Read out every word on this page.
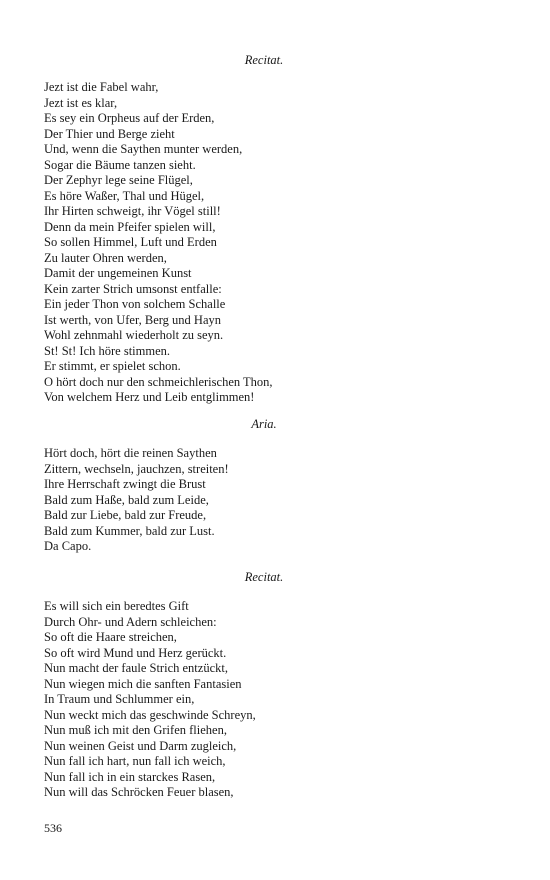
Recitat.
Jezt ist die Fabel wahr,
Jezt ist es klar,
Es sey ein Orpheus auf der Erden,
Der Thier und Berge zieht
Und, wenn die Saythen munter werden,
Sogar die Bäume tanzen sieht.
Der Zephyr lege seine Flügel,
Es höre Waßer, Thal und Hügel,
Ihr Hirten schweigt, ihr Vögel still!
Denn da mein Pfeifer spielen will,
So sollen Himmel, Luft und Erden
Zu lauter Ohren werden,
Damit der ungemeinen Kunst
Kein zarter Strich umsonst entfalle:
Ein jeder Thon von solchem Schalle
Ist werth, von Ufer, Berg und Hayn
Wohl zehnmahl wiederholt zu seyn.
St! St! Ich höre stimmen.
Er stimmt, er spielet schon.
O hört doch nur den schmeichlerischen Thon,
Von welchem Herz und Leib entglimmen!
Aria.
Hört doch, hört die reinen Saythen
Zittern, wechseln, jauchzen, streiten!
Ihre Herrschaft zwingt die Brust
Bald zum Haße, bald zum Leide,
Bald zur Liebe, bald zur Freude,
Bald zum Kummer, bald zur Lust.
Da Capo.
Recitat.
Es will sich ein beredtes Gift
Durch Ohr- und Adern schleichen:
So oft die Haare streichen,
So oft wird Mund und Herz gerückt.
Nun macht der faule Strich entzückt,
Nun wiegen mich die sanften Fantasien
In Traum und Schlummer ein,
Nun weckt mich das geschwinde Schreyn,
Nun muß ich mit den Grifen fliehen,
Nun weinen Geist und Darm zugleich,
Nun fall ich hart, nun fall ich weich,
Nun fall ich in ein starckes Rasen,
Nun will das Schröcken Feuer blasen,
536
